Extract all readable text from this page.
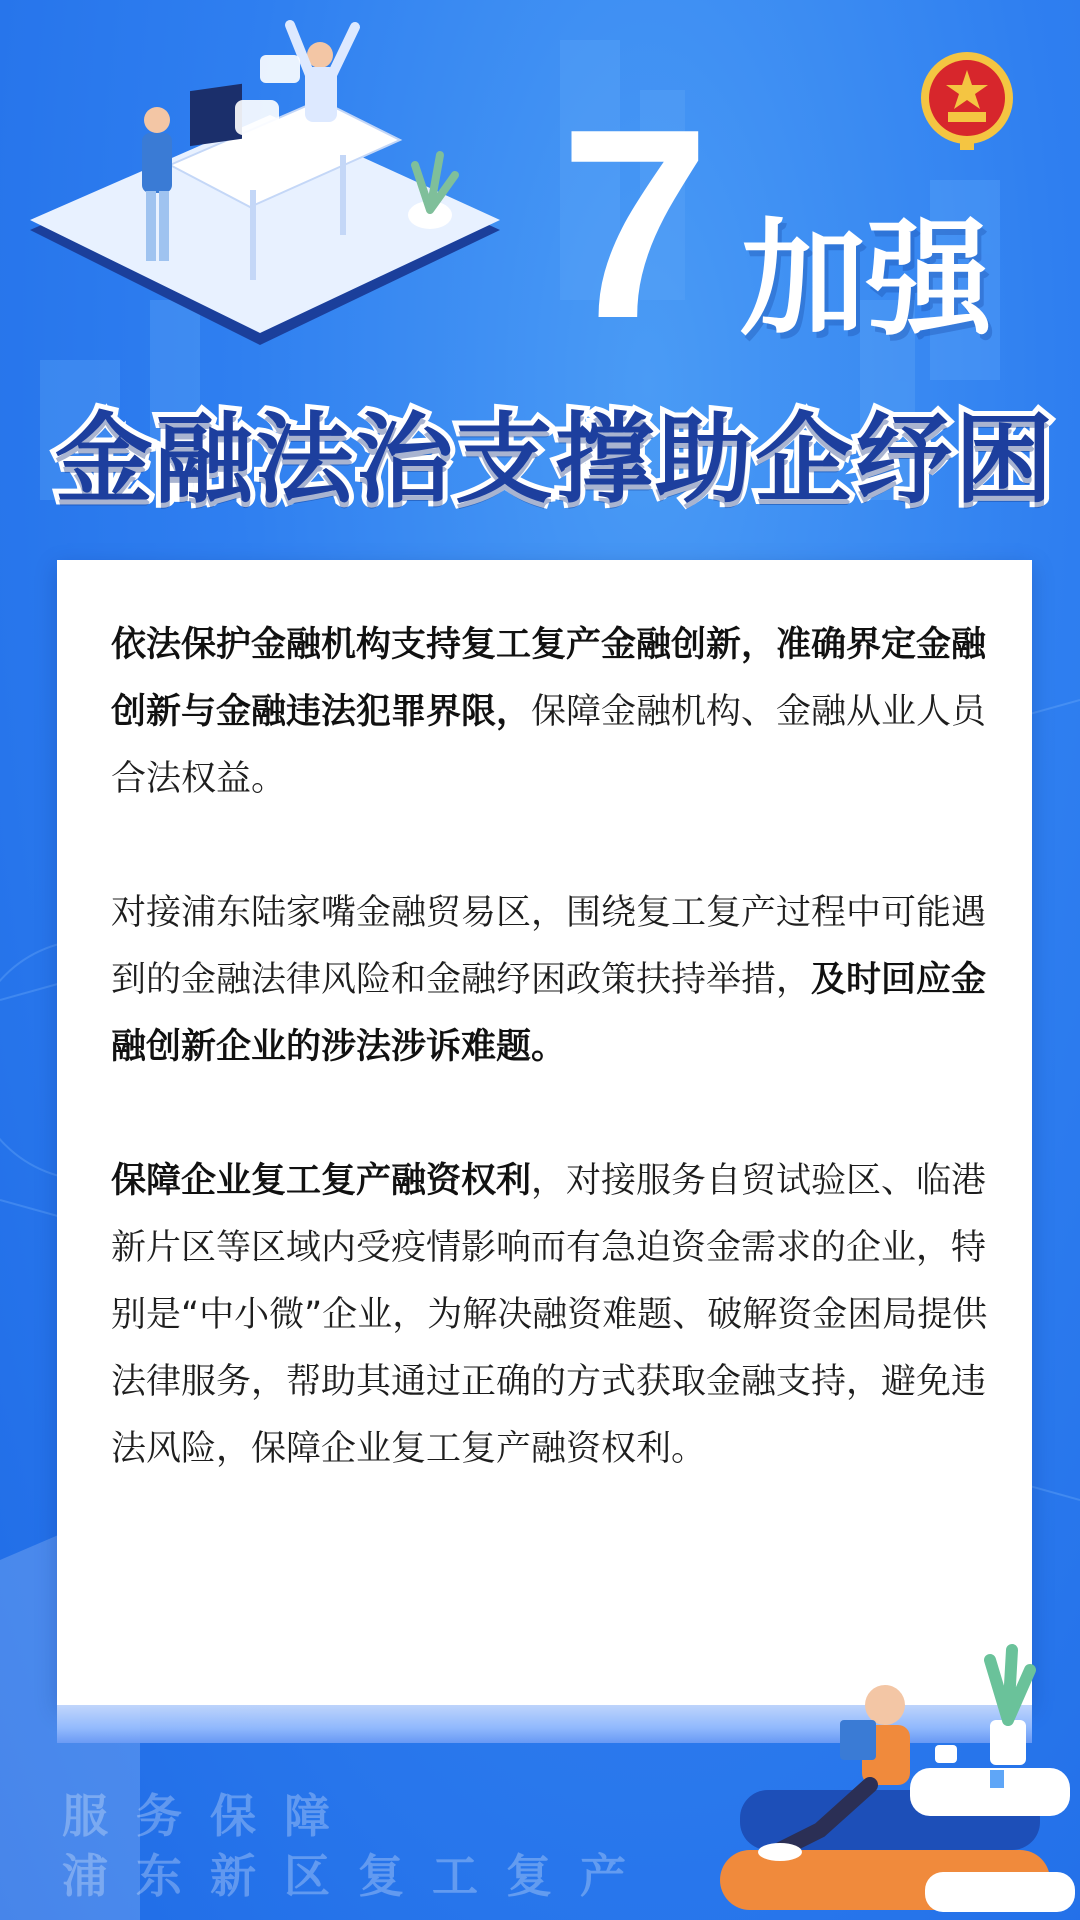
7 加强
金融法治支撑助企纾困
依法保护金融机构支持复工复产金融创新，准确界定金融创新与金融违法犯罪界限，保障金融机构、金融从业人员合法权益。
对接浦东陆家嘴金融贸易区，围绕复工复产过程中可能遇到的金融法律风险和金融纾困政策扶持举措，及时回应金融创新企业的涉法涉诉难题。
保障企业复工复产融资权利，对接服务自贸试验区、临港新片区等区域内受疫情影响而有急迫资金需求的企业，特别是“中小微”企业，为解决融资难题、破解资金困局提供法律服务，帮助其通过正确的方式获取金融支持，避免违法风险，保障企业复工复产融资权利。
服务保障
浦东新区复工复产
